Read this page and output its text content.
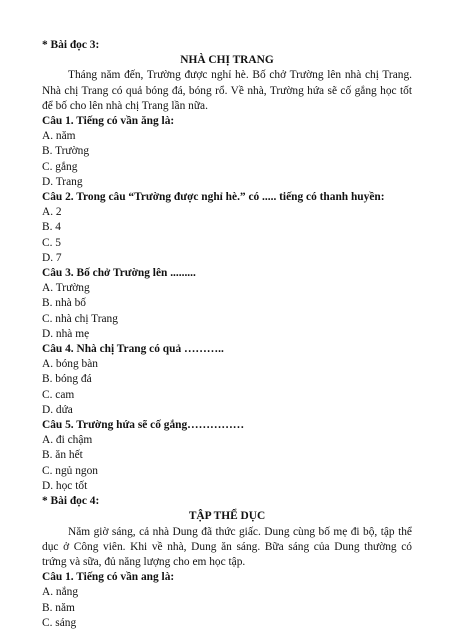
* Bài đọc 3:
NHÀ CHỊ TRANG
Tháng năm đến, Trường được nghỉ hè. Bố chở Trường lên nhà chị Trang. Nhà chị Trang có quả bóng đá, bóng rổ. Về nhà, Trường hứa sẽ cố gắng học tốt để bố cho lên nhà chị Trang lần nữa.
Câu 1. Tiếng có vần ăng là:
A. năm
B. Trường
C. gắng
D. Trang
Câu 2. Trong câu “Trường được nghỉ hè.” có ..... tiếng có thanh huyền:
A. 2
B. 4
C. 5
D. 7
Câu 3. Bố chở Trường lên .........
A. Trường
B. nhà bố
C. nhà chị Trang
D. nhà mẹ
Câu 4. Nhà chị Trang có quả ………..
A. bóng bàn
B. bóng đá
C. cam
D. dứa
Câu 5. Trường hứa sẽ cố gắng……………
A. đi chậm
B. ăn hết
C. ngủ ngon
D. học tốt
* Bài đọc 4:
TẬP THỂ DỤC
Năm giờ sáng, cả nhà Dung đã thức giấc. Dung cùng bố mẹ đi bộ, tập thể dục ở Công viên. Khi về nhà, Dung ăn sáng. Bữa sáng của Dung thường có trứng và sữa, đủ năng lượng cho em học tập.
Câu 1. Tiếng có vần ang là:
A. nắng
B. năm
C. sáng
